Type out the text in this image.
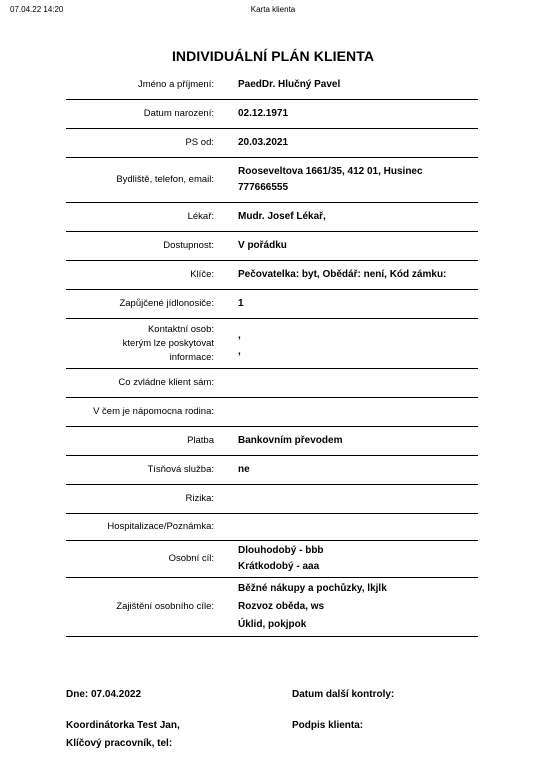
07.04.22 14:20	Karta klienta
INDIVIDUÁLNÍ PLÁN KLIENTA
Jméno a příjmení: PaedDr. Hlučný Pavel
Datum narození: 02.12.1971
PS od: 20.03.2021
Bydliště, telefon, email:
Rooseveltova 1661/35, 412 01, Husinec
777666555
Lékař: Mudr. Josef Lékař,
Dostupnost: V pořádku
Klíče: Pečovatelka: byt, Obědář: není, Kód zámku:
Zapůjčené jídlonosiče: 1
Kontaktní osob:
kterým lze poskytovat
informace:
,
,
Co zvládne klient sám:
V čem je nápomocna rodina:
Platba Bankovním převodem
Tísňová služba: ne
Rizika:
Hospitalizace/Poznámka:
Osobní cíl:
Dlouhodobý - bbb
Krátkodobý - aaa
Zajištění osobního cíle:
Běžné nákupy a pochůzky, lkjlk
Rozvoz oběda, ws
Úklid, pokjpok
Dne: 07.04.2022	Datum další kontroly:
Koordinátorka Test Jan,
Klíčový pracovník, tel:
Podpis klienta:
